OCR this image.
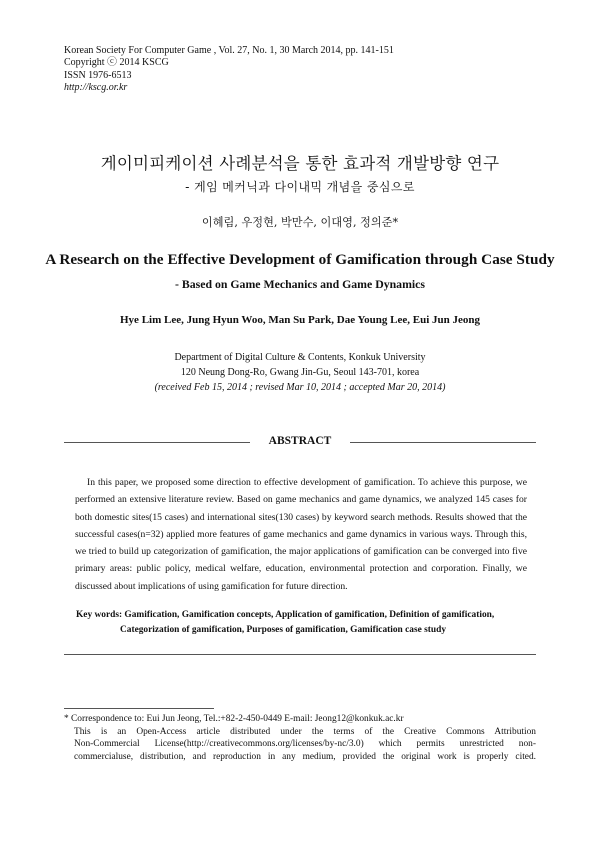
Korean Society For Computer Game , Vol. 27, No. 1, 30 March 2014, pp. 141-151
Copyright ⓒ 2014 KSCG
ISSN 1976-6513
http://kscg.or.kr
게이미피케이션 사례분석을 통한 효과적 개발방향 연구
- 게임 메커닉과 다이내믹 개념을 중심으로
이혜림, 우정현, 박만수, 이대영, 정의준*
A Research on the Effective Development of Gamification through Case Study
- Based on Game Mechanics and Game Dynamics
Hye Lim Lee, Jung Hyun Woo, Man Su Park, Dae Young Lee, Eui Jun Jeong
Department of Digital Culture & Contents, Konkuk University
120 Neung Dong-Ro, Gwang Jin-Gu, Seoul 143-701, korea
(received Feb 15, 2014 ; revised Mar 10, 2014 ; accepted Mar 20, 2014)
ABSTRACT
In this paper, we proposed some direction to effective development of gamification. To achieve this purpose, we performed an extensive literature review. Based on game mechanics and game dynamics, we analyzed 145 cases for both domestic sites(15 cases) and international sites(130 cases) by keyword search methods. Results showed that the successful cases(n=32) applied more features of game mechanics and game dynamics in various ways. Through this, we tried to build up categorization of gamification, the major applications of gamification can be converged into five primary areas: public policy, medical welfare, education, environmental protection and corporation. Finally, we discussed about implications of using gamification for future direction.
Key words: Gamification, Gamification concepts, Application of gamification, Definition of gamification,
Categorization of gamification, Purposes of gamification, Gamification case study
* Correspondence to: Eui Jun Jeong, Tel.:+82-2-450-0449 E-mail: Jeong12@konkuk.ac.kr
This is an Open-Access article distributed under the terms of the Creative Commons Attribution
Non-Commercial License(http://creativecommons.org/licenses/by-nc/3.0) which permits unrestricted non-
commercialuse, distribution, and reproduction in any medium, provided the original work is properly cited.
